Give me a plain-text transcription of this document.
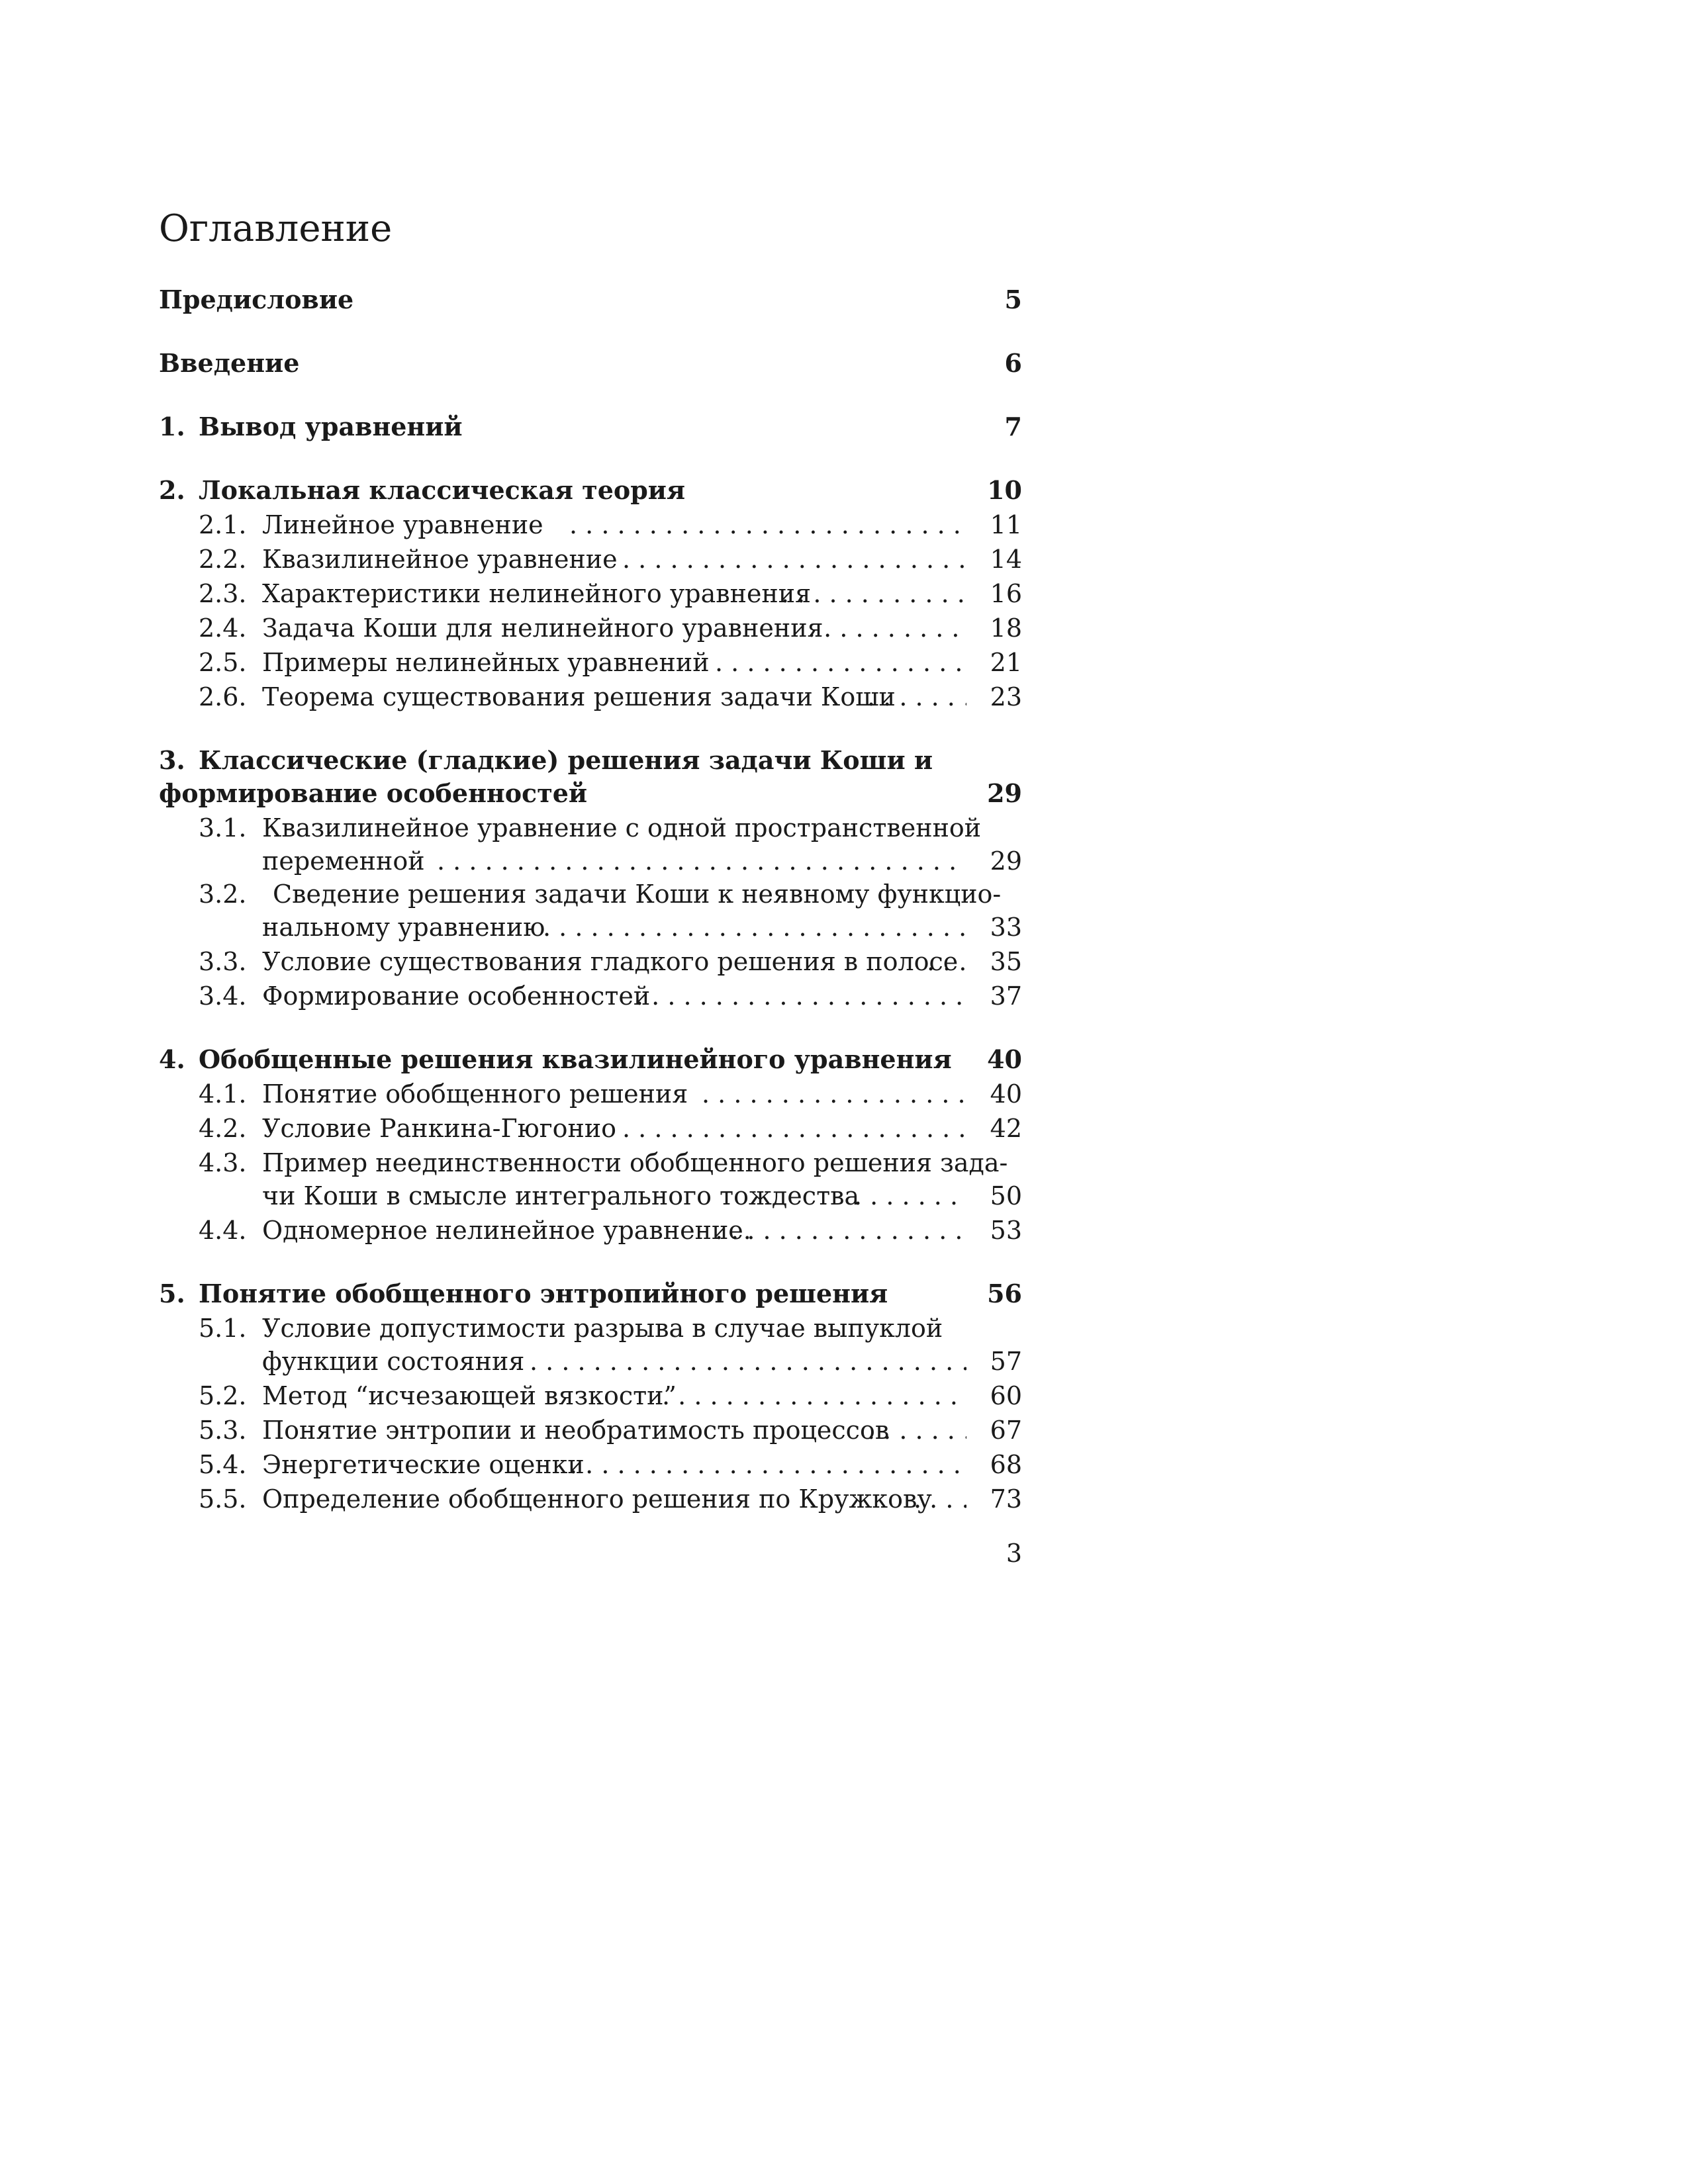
Оглавление
Предисловие	5
Введение	6
1. Вывод уравнений	7
2. Локальная классическая теория	10
2.1. Линейное уравнение . . .	11
2.2. Квазилинейное уравнение . . .	14
2.3. Характеристики нелинейного уравнения . . .	16
2.4. Задача Коши для нелинейного уравнения . . .	18
2.5. Примеры нелинейных уравнений . . .	21
2.6. Теорема существования решения задачи Коши . . .	23
3. Классические (гладкие) решения задачи Коши и
формирование особенностей	29
3.1. Квазилинейное уравнение с одной пространственной
переменной . . .	29
3.2. Сведение решения задачи Коши к неявному функцио-
нальному уравнению . . .	33
3.3. Условие существования гладкого решения в полосе . . . 35
3.4. Формирование особенностей . . .	37
4. Обобщенные решения квазилинейного уравнения 40
4.1. Понятие обобщенного решения . . .	40
4.2. Условие Ранкина-Гюгонио . . .	42
4.3. Пример неединственности обобщенного решения зада-
чи Коши в смысле интегрального тождества . . .	50
4.4. Одномерное нелинейное уравнение. . . .	53
5. Понятие обобщенного энтропийного решения	56
5.1. Условие допустимости разрыва в случае выпуклой
функции состояния . . .	57
5.2. Метод “исчезающей вязкости” . . .	60
5.3. Понятие энтропии и необратимость процессов . . .	67
5.4. Энергетические оценки . . .	68
5.5. Определение обобщенного решения по Кружкову . . . 73
3
